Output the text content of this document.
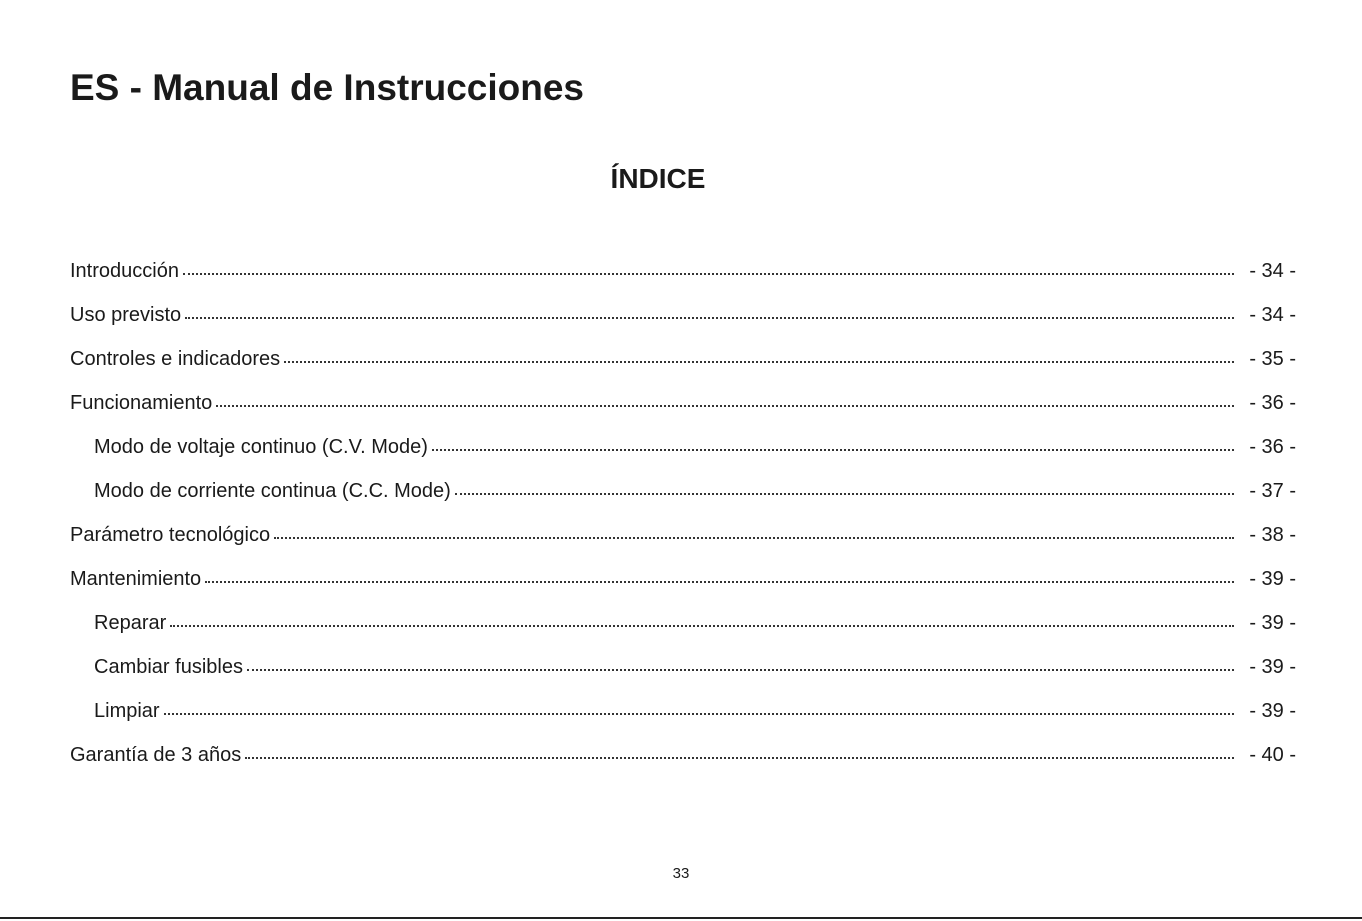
ES - Manual de Instrucciones
ÍNDICE
Introducción	- 34 -
Uso previsto	- 34 -
Controles e indicadores	- 35 -
Funcionamiento	- 36 -
Modo de voltaje continuo (C.V. Mode)	- 36 -
Modo de corriente continua (C.C. Mode)	- 37 -
Parámetro tecnológico	- 38 -
Mantenimiento	- 39 -
Reparar	- 39 -
Cambiar fusibles	- 39 -
Limpiar	- 39 -
Garantía de 3 años	- 40 -
33
